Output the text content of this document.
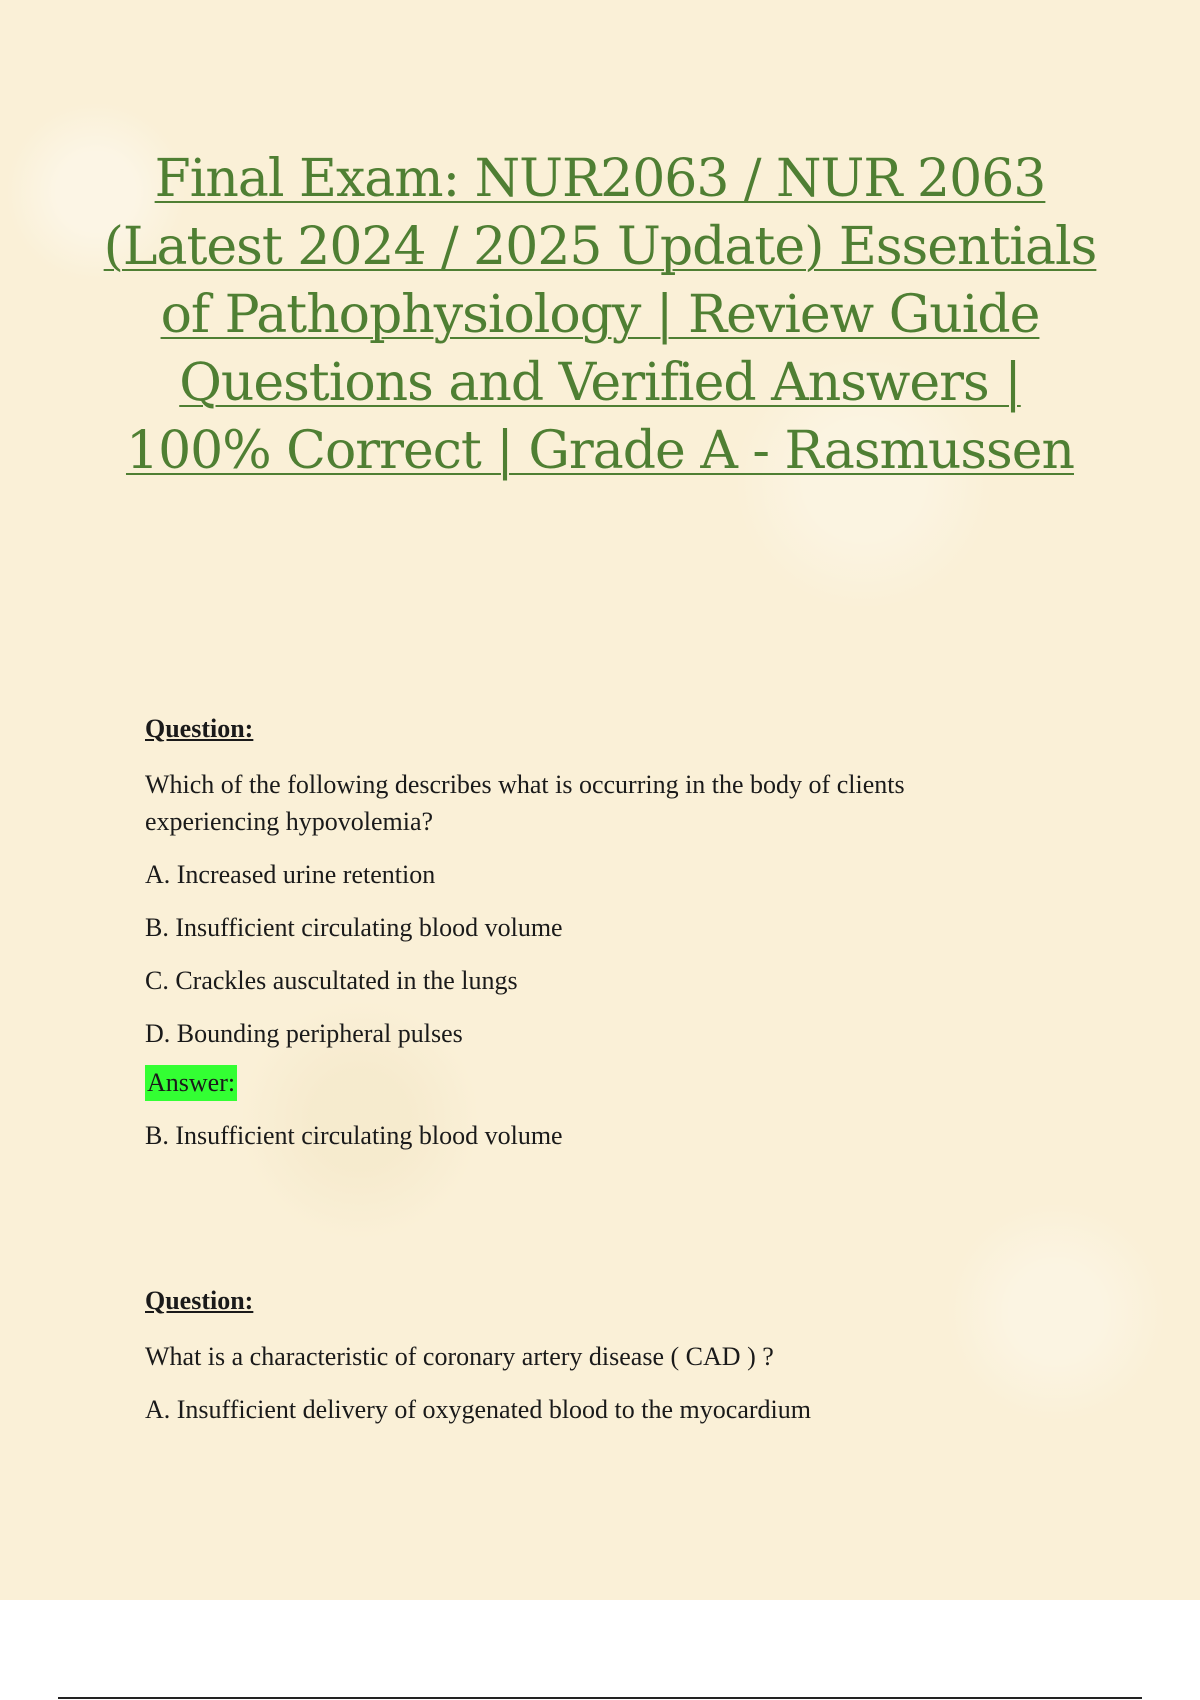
Final Exam: NUR2063 / NUR 2063 (Latest 2024 / 2025 Update) Essentials of Pathophysiology | Review Guide Questions and Verified Answers | 100% Correct | Grade A - Rasmussen

Question:

Which of the following describes what is occurring in the body of clients experiencing hypovolemia?

A. Increased urine retention

B. Insufficient circulating blood volume

C. Crackles auscultated in the lungs

D. Bounding peripheral pulses

Answer:

B. Insufficient circulating blood volume

Question:

What is a characteristic of coronary artery disease ( CAD ) ?

A. Insufficient delivery of oxygenated blood to the myocardium
